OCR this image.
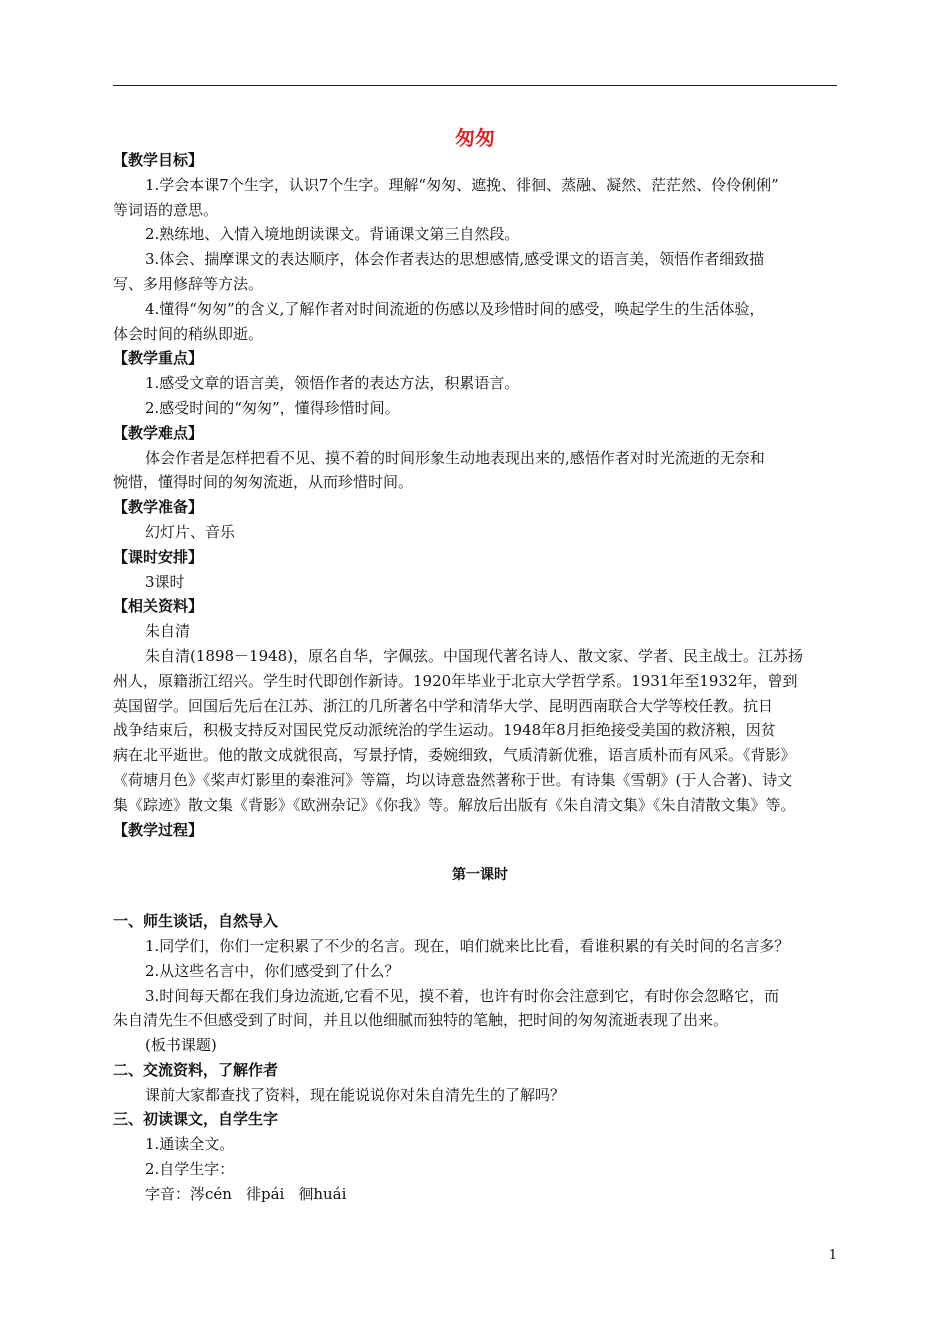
匆匆
【教学目标】
1.学会本课7个生字，认识7个生字。理解“匆匆、遮挽、徘徊、蒸融、凝然、茫茫然、伶伶俐俐”
等词语的意思。
2.熟练地、入情入境地朗读课文。背诵课文第三自然段。
3.体会、揣摩课文的表达顺序，体会作者表达的思想感情,感受课文的语言美，领悟作者细致描
写、多用修辞等方法。
4.懂得“匆匆”的含义,了解作者对时间流逝的伤感以及珍惜时间的感受，唤起学生的生活体验，
体会时间的稍纵即逝。
【教学重点】
1.感受文章的语言美，领悟作者的表达方法，积累语言。
2.感受时间的“匆匆”，懂得珍惜时间。
【教学难点】
体会作者是怎样把看不见、摸不着的时间形象生动地表现出来的,感悟作者对时光流逝的无奈和
惋惜，懂得时间的匆匆流逝，从而珍惜时间。
【教学准备】
幻灯片、音乐
【课时安排】
3课时
【相关资料】
朱自清
朱自清(1898－1948)，原名自华，字佩弦。中国现代著名诗人、散文家、学者、民主战士。江苏扬
州人，原籍浙江绍兴。学生时代即创作新诗。1920年毕业于北京大学哲学系。1931年至1932年，曾到
英国留学。回国后先后在江苏、浙江的几所著名中学和清华大学、昆明西南联合大学等校任教。抗日
战争结束后，积极支持反对国民党反动派统治的学生运动。1948年8月拒绝接受美国的救济粮，因贫
病在北平逝世。他的散文成就很高，写景抒情，委婉细致，气质清新优雅，语言质朴而有风采。《背影》
《荷塘月色》《桨声灯影里的秦淮河》等篇，均以诗意盎然著称于世。有诗集《雪朝》(于人合著)、诗文
集《踪迹》散文集《背影》《欧洲杂记》《你我》等。解放后出版有《朱自清文集》《朱自清散文集》等。
【教学过程】
第一课时
一、师生谈话，自然导入
1.同学们，你们一定积累了不少的名言。现在，咱们就来比比看，看谁积累的有关时间的名言多？
2.从这些名言中，你们感受到了什么？
3.时间每天都在我们身边流逝,它看不见，摸不着，也许有时你会注意到它，有时你会忽略它，而
朱自清先生不但感受到了时间，并且以他细腻而独特的笔触，把时间的匆匆流逝表现了出来。
(板书课题)
二、交流资料，了解作者
课前大家都查找了资料，现在能说说你对朱自清先生的了解吗？
三、初读课文，自学生字
1.通读全文。
2.自学生字：
字音：涔cén 徘pái 徊huái
1
